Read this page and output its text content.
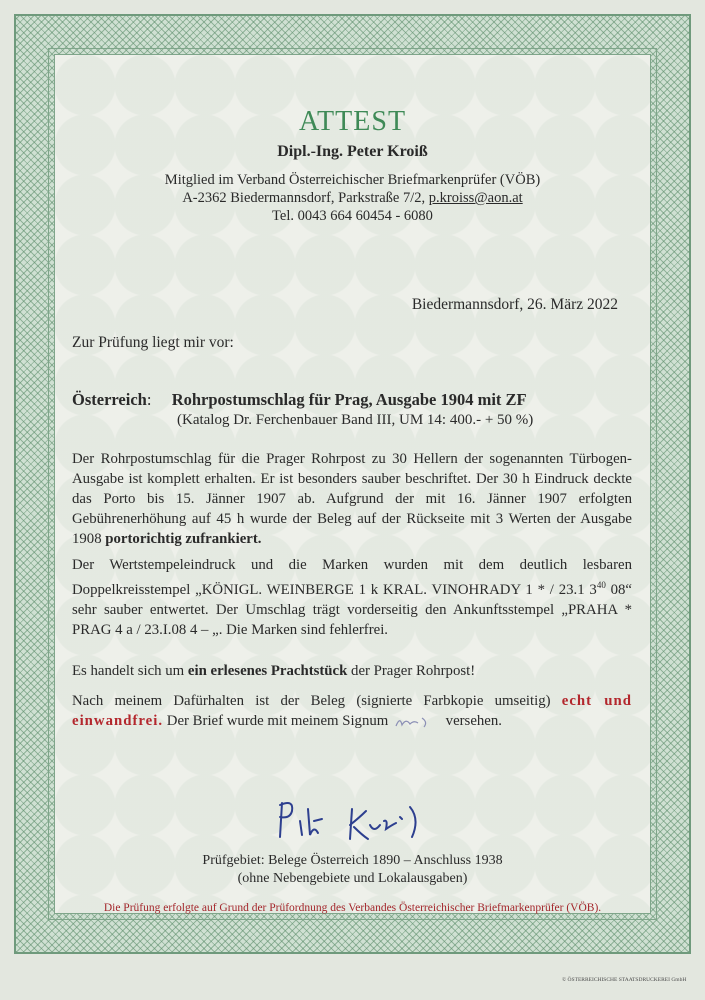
ATTEST
Dipl.-Ing. Peter Kroiß
Mitglied im Verband Österreichischer Briefmarkenprüfer (VÖB)
A-2362 Biedermannsdorf, Parkstraße 7/2, p.kroiss@aon.at
Tel. 0043 664 60454 - 6080
Biedermannsdorf, 26. März 2022
Zur Prüfung liegt mir vor:
Österreich: Rohrpostumschlag für Prag, Ausgabe 1904 mit ZF
(Katalog Dr. Ferchenbauer Band III, UM 14: 400.- + 50 %)
Der Rohrpostumschlag für die Prager Rohrpost zu 30 Hellern der sogenannten Türbogen-Ausgabe ist komplett erhalten. Er ist besonders sauber beschriftet. Der 30 h Eindruck deckte das Porto bis 15. Jänner 1907 ab. Aufgrund der mit 16. Jänner 1907 erfolgten Gebührenerhöhung auf 45 h wurde der Beleg auf der Rückseite mit 3 Werten der Ausgabe 1908 portorichtig zufrankiert.
Der Wertstempeleindruck und die Marken wurden mit dem deutlich lesbaren Doppelkreisstempel „KÖNIGL. WEINBERGE 1 k KRAL. VINOHRADY 1 * / 23.1 $3^{40}$ 08“ sehr sauber entwertet. Der Umschlag trägt vorderseitig den Ankunftsstempel „PRAHA * PRAG 4 a / 23.I.08 4 – „. Die Marken sind fehlerfrei.
Es handelt sich um ein erlesenes Prachtstück der Prager Rohrpost!
Nach meinem Dafürhalten ist der Beleg (signierte Farbkopie umseitig) echt und einwandfrei. Der Brief wurde mit meinem Signum	versehen.
Prüfgebiet: Belege Österreich 1890 – Anschluss 1938
(ohne Nebengebiete und Lokalausgaben)
Die Prüfung erfolgte auf Grund der Prüfordnung des Verbandes Österreichischer Briefmarkenprüfer (VÖB).
© ÖSTERREICHISCHE STAATSDRUCKEREI GmbH
